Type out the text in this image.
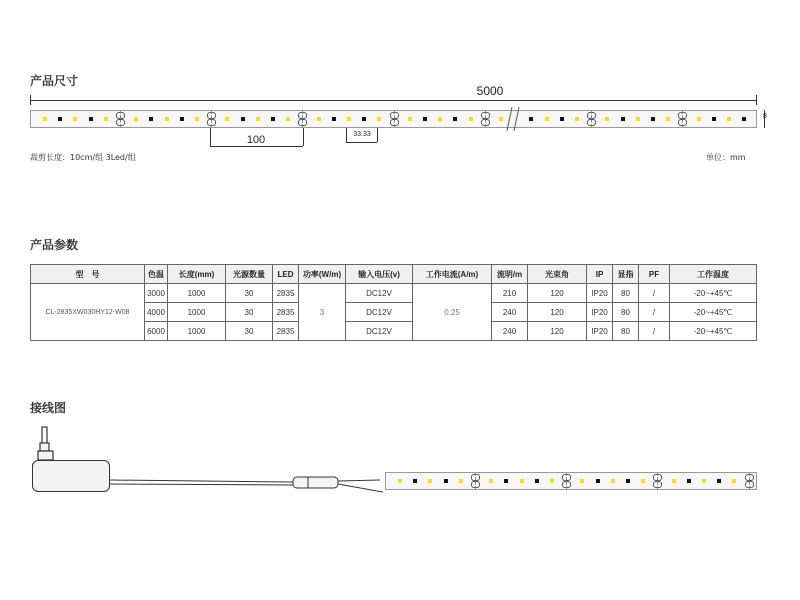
产品尺寸
产品参数
接线图
5000
8
100	33.33
裁剪长度：10cm/组 3Led/组	单位：mm
型　号	色温	长度(mm)	光源数量	LED	功率(W/m)	输入电压(v)	工作电流(A/m)	流明/m	光束角	IP	显指	PF	工作温度
CL-2835XW030HY12-W08	3000	1000	30	2835	3	DC12V	0.25	210	120	IP20	80	/	-20~+45℃
	4000	1000	30	2835		DC12V		240	120	IP20	80	/	-20~+45℃
	6000	1000	30	2835		DC12V		240	120	IP20	80	/	-20~+45℃
